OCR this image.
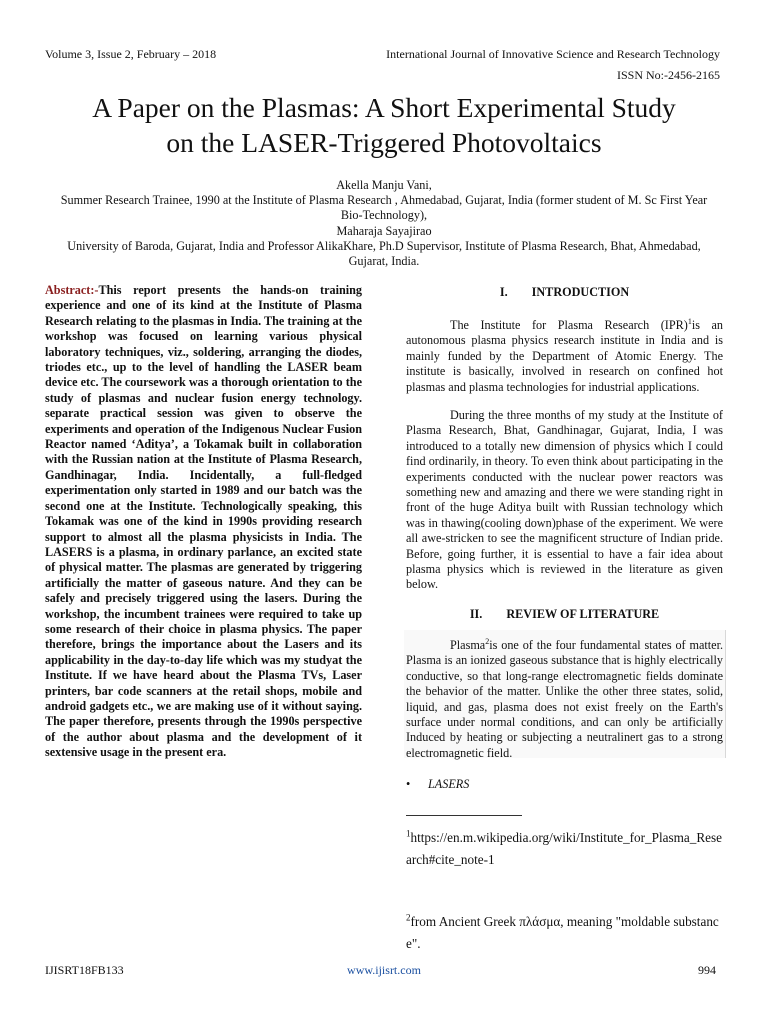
Volume 3, Issue 2, February – 2018	International Journal of Innovative Science and Research Technology
ISSN No:-2456-2165
A Paper on the Plasmas: A Short Experimental Study
on the LASER-Triggered Photovoltaics
Akella Manju Vani,
Summer Research Trainee, 1990 at the Institute of Plasma Research , Ahmedabad, Gujarat, India (former student of M. Sc First Year
Bio-Technology),
Maharaja Sayajirao
University of Baroda, Gujarat, India and Professor AlikaKhare, Ph.D Supervisor, Institute of Plasma Research, Bhat, Ahmedabad,
Gujarat, India.

Abstract:-This report presents the hands-on training experience and one of its kind at the Institute of Plasma Research relating to the plasmas in India. The training at the workshop was focused on learning various physical laboratory techniques, viz., soldering, arranging the diodes, triodes etc., up to the level of handling the LASER beam device etc. The coursework was a thorough orientation to the study of plasmas and nuclear fusion energy technology. separate practical session was given to observe the experiments and operation of the Indigenous Nuclear Fusion Reactor named ‘Aditya’, a Tokamak built in collaboration with the Russian nation at the Institute of Plasma Research, Gandhinagar, India. Incidentally, a full-fledged experimentation only started in 1989 and our batch was the second one at the Institute. Technologically speaking, this Tokamak was one of the kind in 1990s providing research support to almost all the plasma physicists in India. The LASERS is a plasma, in ordinary parlance, an excited state of physical matter. The plasmas are generated by triggering artificially the matter of gaseous nature. And they can be safely and precisely triggered using the lasers. During the workshop, the incumbent trainees were required to take up some research of their choice in plasma physics. The paper therefore, brings the importance about the Lasers and its applicability in the day-to-day life which was my studyat the Institute. If we have heard about the Plasma TVs, Laser printers, bar code scanners at the retail shops, mobile and android gadgets etc., we are making use of it without saying. The paper therefore, presents through the 1990s perspective of the author about plasma and the development of it sextensive usage in the present era.

I. INTRODUCTION

The Institute for Plasma Research (IPR)$^1$is an autonomous plasma physics research institute in India and is mainly funded by the Department of Atomic Energy. The institute is basically, involved in research on confined hot plasmas and plasma technologies for industrial applications.

During the three months of my study at the Institute of Plasma Research, Bhat, Gandhinagar, Gujarat, India, I was introduced to a totally new dimension of physics which I could find ordinarily, in theory. To even think about participating in the experiments conducted with the nuclear power reactors was something new and amazing and there we were standing right in front of the huge Aditya built with Russian technology which was in thawing(cooling down)phase of the experiment. We were all awe-stricken to see the magnificent structure of Indian pride. Before, going further, it is essential to have a fair idea about plasma physics which is reviewed in the literature as given below.

II. REVIEW OF LITERATURE

Plasma$^2$is one of the four fundamental states of matter. Plasma is an ionized gaseous substance that is highly electrically conductive, so that long-range electromagnetic fields dominate the behavior of the matter. Unlike the other three states, solid, liquid, and gas, plasma does not exist freely on the Earth's surface under normal conditions, and can only be artificially Induced by heating or subjecting a neutralinert gas to a strong electromagnetic field.

• LASERS

$^1$https://en.m.wikipedia.org/wiki/Institute_for_Plasma_Research#cite_note-1

$^2$from Ancient Greek πλάσμα, meaning "moldable substance".

IJISRT18FB133	www.ijisrt.com	994
